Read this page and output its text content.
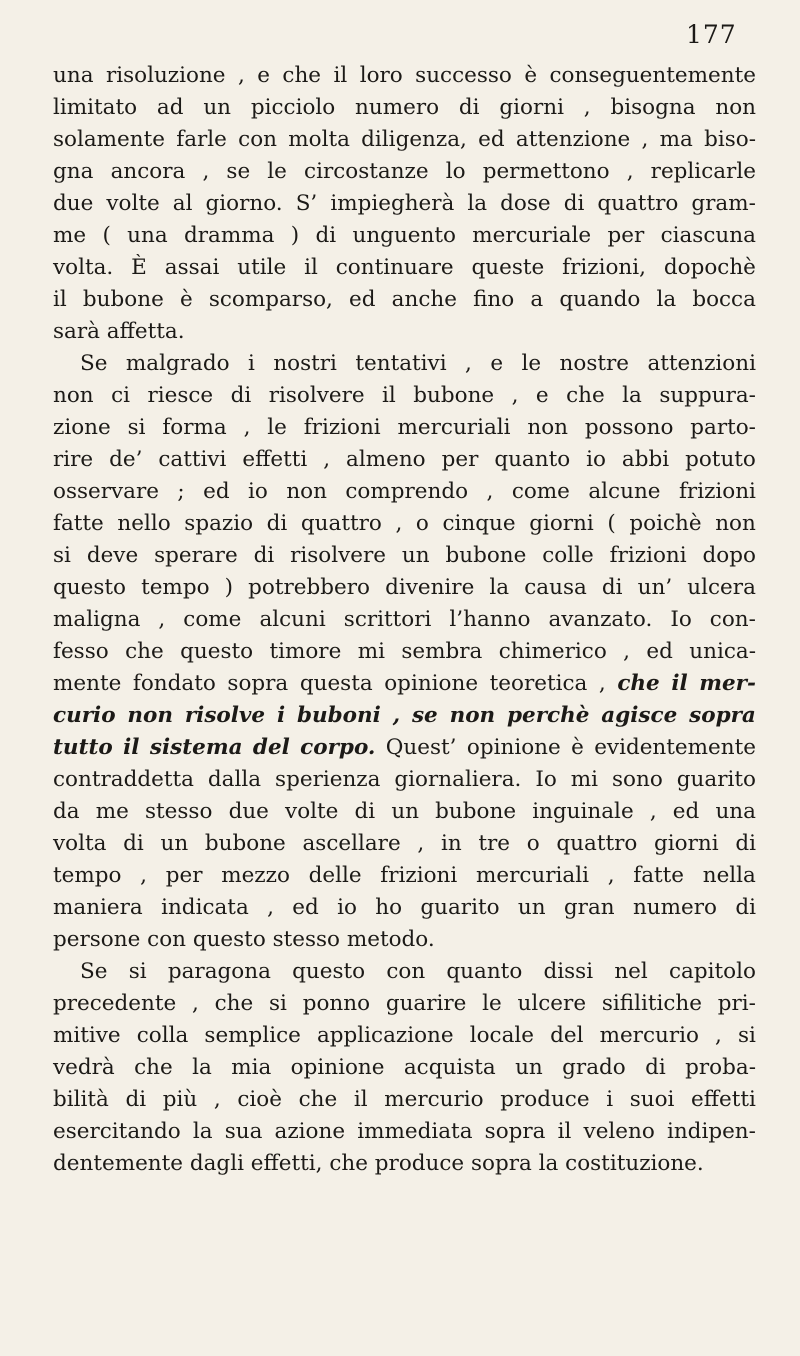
177
una risoluzione , e che il loro successo è conseguentemente
limitato ad un picciolo numero di giorni , bisogna non
solamente farle con molta diligenza, ed attenzione , ma biso-
gna ancora , se le circostanze lo permettono , replicarle
due volte al giorno. S’ impiegherà la dose di quattro gram-
me ( una dramma ) di unguento mercuriale per ciascuna
volta. È assai utile il continuare queste frizioni, dopochè
il bubone è scomparso, ed anche fino a quando la bocca
sarà affetta.
Se malgrado i nostri tentativi , e le nostre attenzioni
non ci riesce di risolvere il bubone , e che la suppura-
zione si forma , le frizioni mercuriali non possono parto-
rire de’ cattivi effetti , almeno per quanto io abbi potuto
osservare ; ed io non comprendo , come alcune frizioni
fatte nello spazio di quattro , o cinque giorni ( poichè non
si deve sperare di risolvere un bubone colle frizioni dopo
questo tempo ) potrebbero divenire la causa di un’ ulcera
maligna , come alcuni scrittori l’hanno avanzato. Io con-
fesso che questo timore mi sembra chimerico , ed unica-
mente fondato sopra questa opinione teoretica , che il mer-
curio non risolve i buboni , se non perchè agisce sopra
tutto il sistema del corpo. Quest’ opinione è evidentemente
contraddetta dalla sperienza giornaliera. Io mi sono guarito
da me stesso due volte di un bubone inguinale , ed una
volta di un bubone ascellare , in tre o quattro giorni di
tempo , per mezzo delle frizioni mercuriali , fatte nella
maniera indicata , ed io ho guarito un gran numero di
persone con questo stesso metodo.
Se si paragona questo con quanto dissi nel capitolo
precedente , che si ponno guarire le ulcere sifilitiche pri-
mitive colla semplice applicazione locale del mercurio , si
vedrà che la mia opinione acquista un grado di proba-
bilità di più , cioè che il mercurio produce i suoi effetti
esercitando la sua azione immediata sopra il veleno indipen-
dentemente dagli effetti, che produce sopra la costituzione.
